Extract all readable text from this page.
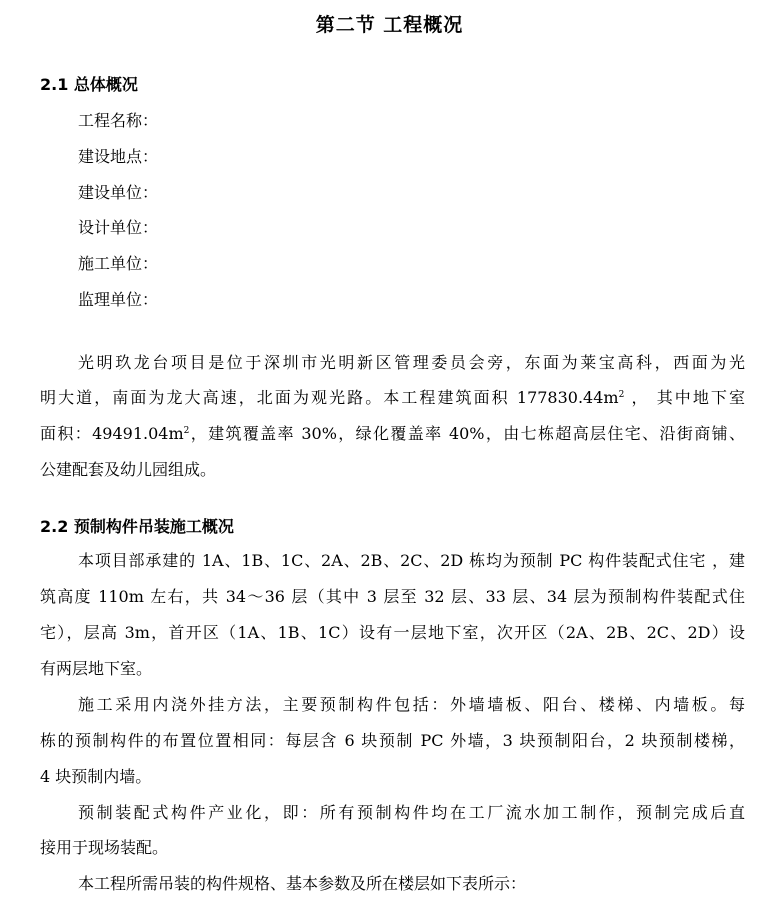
第二节 工程概况
2.1 总体概况
工程名称：
建设地点：
建设单位：
设计单位：
施工单位：
监理单位：
光明玖龙台项目是位于深圳市光明新区管理委员会旁，东面为莱宝高科，西面为光
明大道，南面为龙大高速，北面为观光路。本工程建筑面积 $177830.44m^2$ ， 其中地下室
面积：$49491.04m^2$，建筑覆盖率 30%，绿化覆盖率 40%，由七栋超高层住宅、沿街商铺、
公建配套及幼儿园组成。
2.2 预制构件吊装施工概况
本项目部承建的 1A、1B、1C、2A、2B、2C、2D 栋均为预制 PC 构件装配式住宅 ，建
筑高度 110m 左右，共 34～36 层（其中 3 层至 32 层、33 层、34 层为预制构件装配式住
宅），层高 3m，首开区（1A、1B、1C）设有一层地下室，次开区（2A、2B、2C、2D）设
有两层地下室。
施工采用内浇外挂方法，主要预制构件包括：外墙墙板、阳台、楼梯、内墙板。每
栋的预制构件的布置位置相同：每层含 6 块预制 PC 外墙，3 块预制阳台，2 块预制楼梯，
4 块预制内墙。
预制装配式构件产业化，即：所有预制构件均在工厂流水加工制作，预制完成后直
接用于现场装配。
本工程所需吊装的构件规格、基本参数及所在楼层如下表所示：
